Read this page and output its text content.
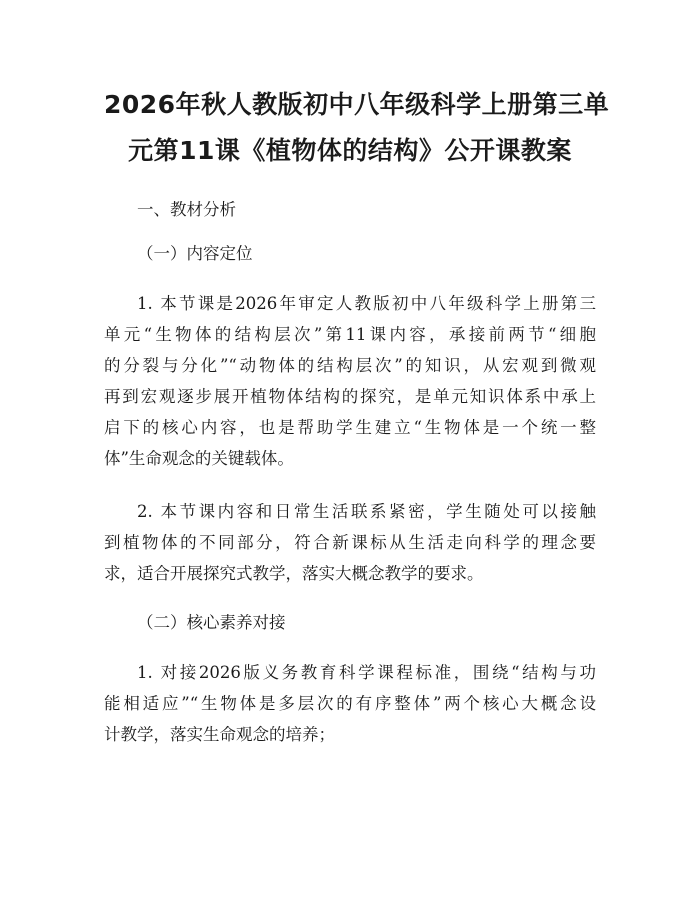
2026年秋人教版初中八年级科学上册第三单
元第11课《植物体的结构》公开课教案

一、教材分析

（一）内容定位

1. 本节课是2026年审定人教版初中八年级科学上册第三
单元“生物体的结构层次”第11课内容，承接前两节“细胞
的分裂与分化”“动物体的结构层次”的知识，从宏观到微观
再到宏观逐步展开植物体结构的探究，是单元知识体系中承上
启下的核心内容，也是帮助学生建立“生物体是一个统一整
体”生命观念的关键载体。

2. 本节课内容和日常生活联系紧密，学生随处可以接触
到植物体的不同部分，符合新课标从生活走向科学的理念要
求，适合开展探究式教学，落实大概念教学的要求。

（二）核心素养对接

1. 对接2026版义务教育科学课程标准，围绕“结构与功
能相适应”“生物体是多层次的有序整体”两个核心大概念设
计教学，落实生命观念的培养；
